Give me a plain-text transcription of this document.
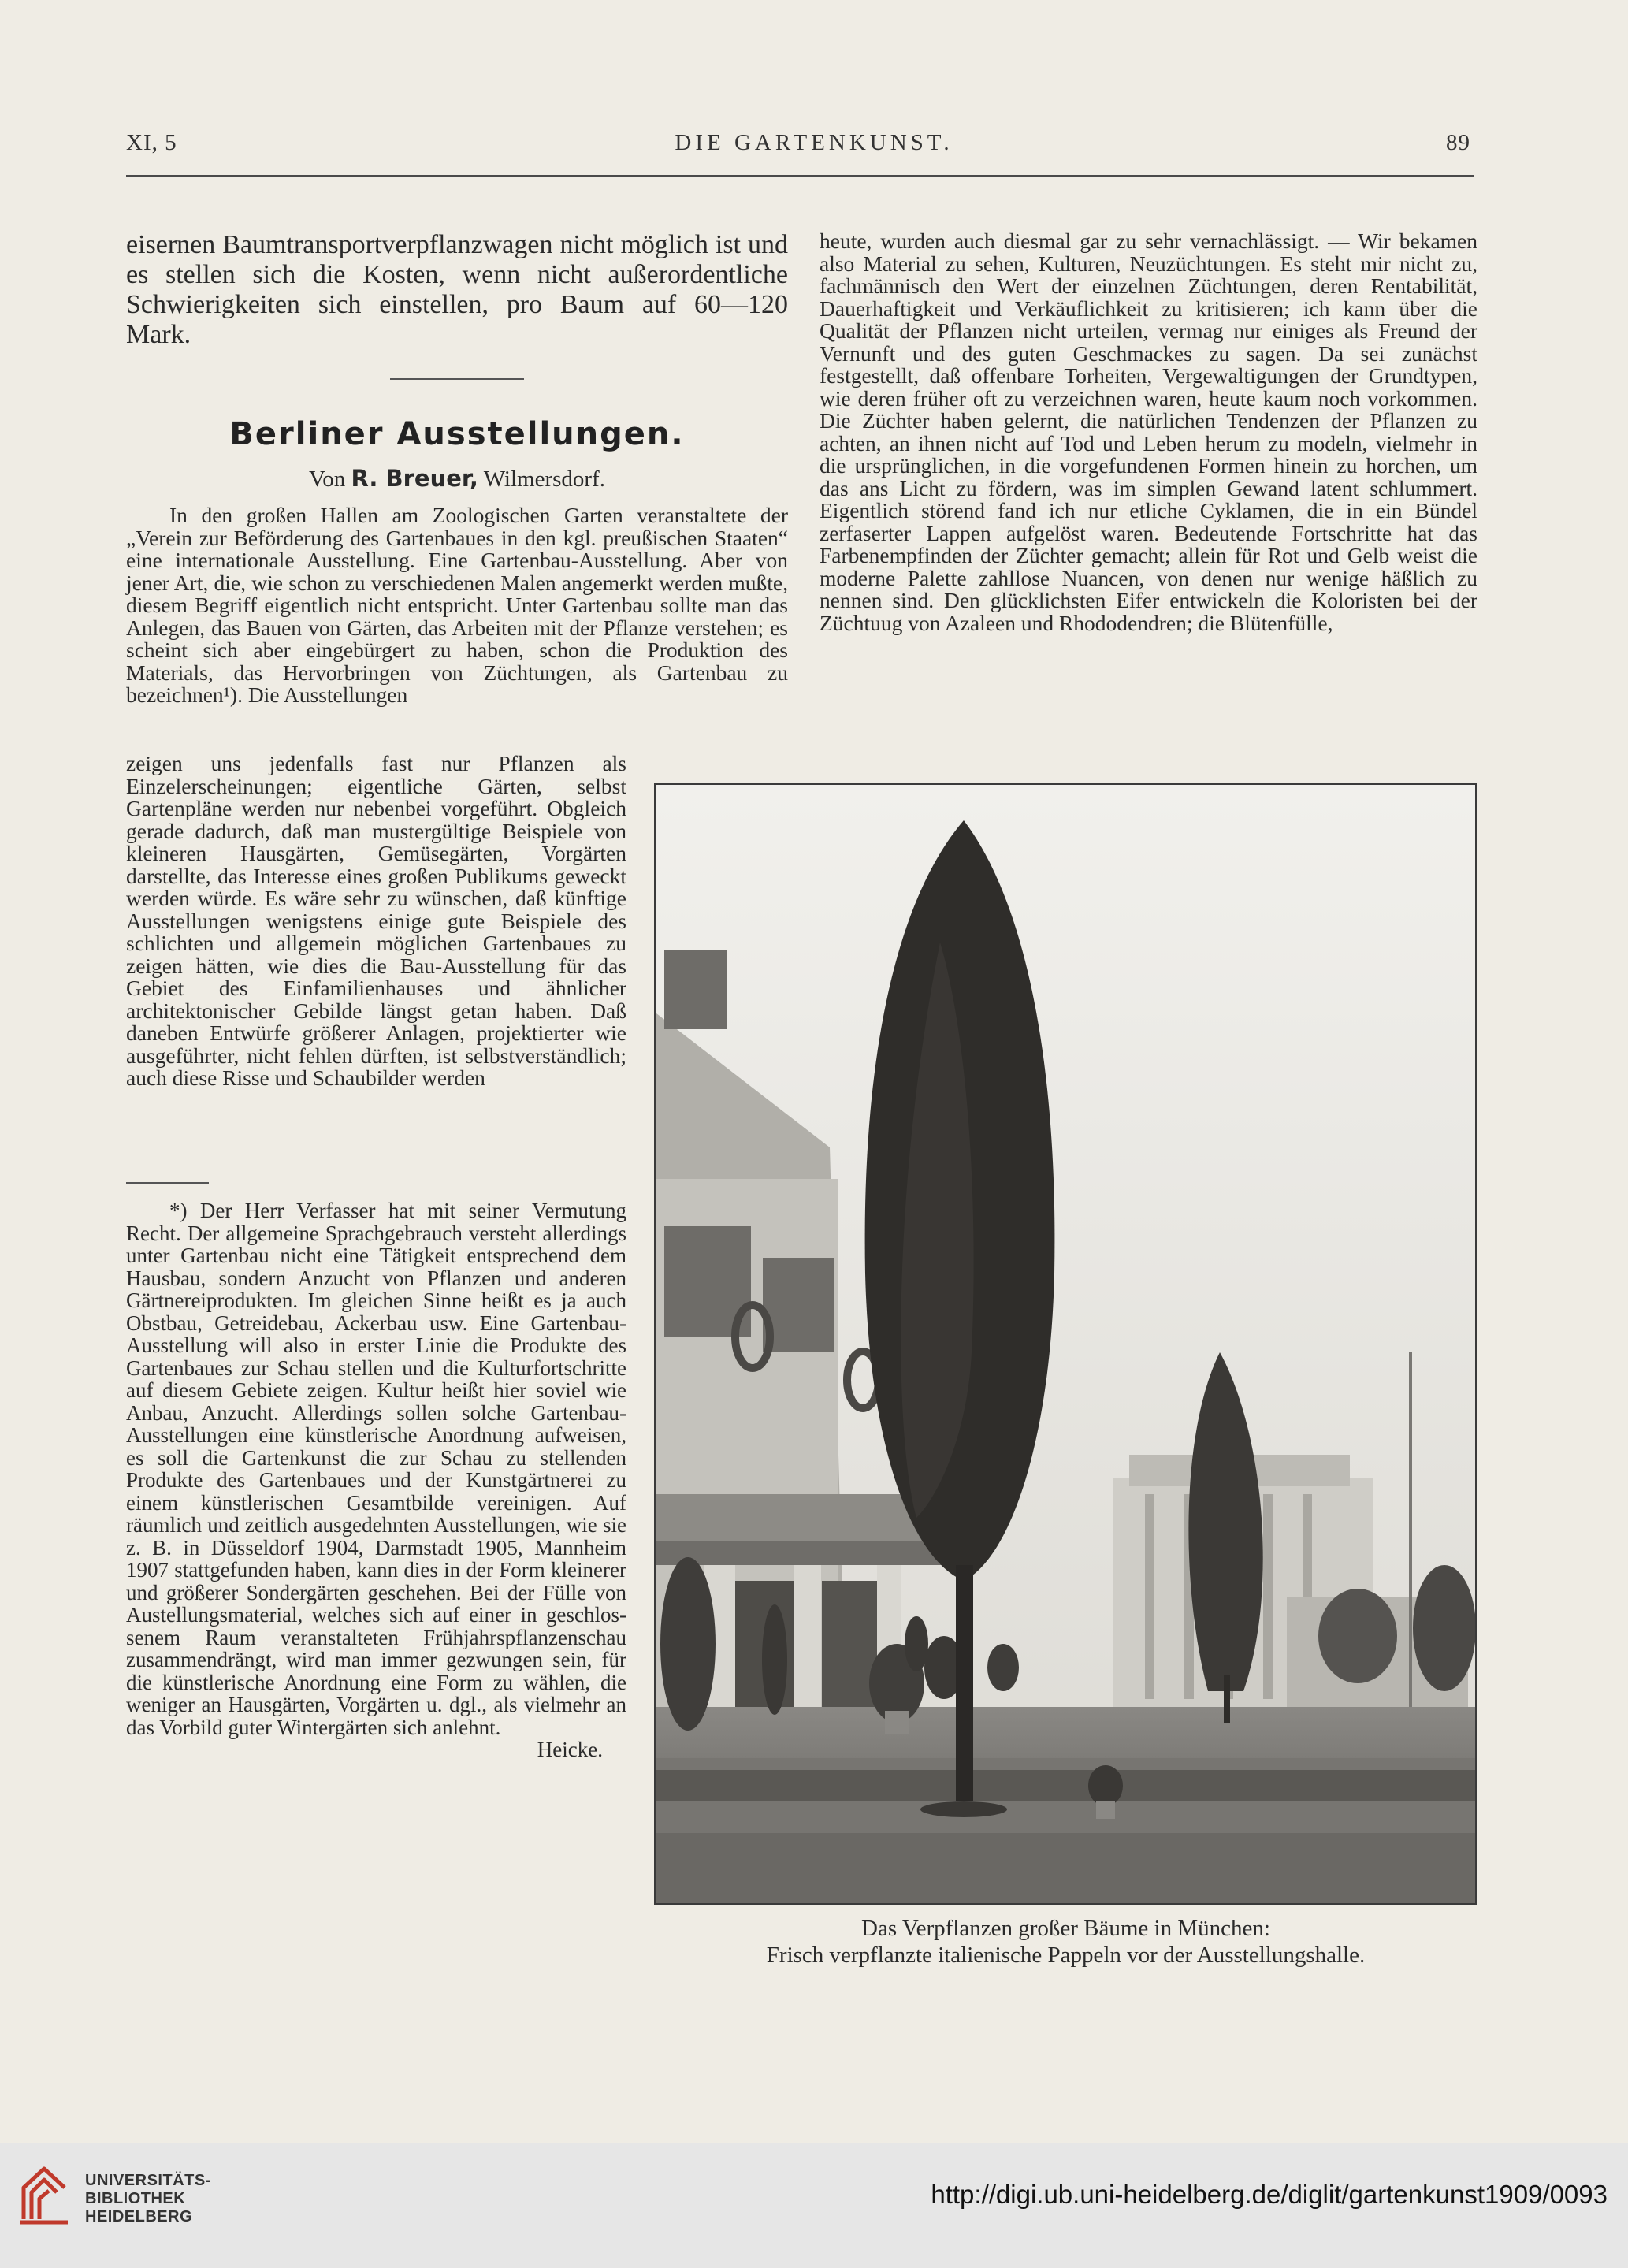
DIE GARTENKUNST.
XI, 5	89

eisernen Baumtransportverpflanzwagen nicht möglich ist und es stellen sich die Kosten, wenn nicht außerordentliche Schwierigkeiten sich einstellen, pro Baum auf 60—120 Mark.

Berliner Ausstellungen.
Von R. Breuer, Wilmersdorf.

In den großen Hallen am Zoologischen Garten veranstaltete der „Verein zur Beförderung des Gartenbaues in den kgl. preußischen Staaten“ eine internationale Ausstellung. Eine Gartenbau-Ausstellung. Aber von jener Art, die, wie schon zu verschiedenen Malen angemerkt werden mußte, diesem Begriff eigentlich nicht entspricht. Unter Gartenbau sollte man das Anlegen, das Bauen von Gärten, das Arbeiten mit der Pflanze verstehen; es scheint sich aber eingebürgert zu haben, schon die Produktion des Materials, das Hervorbringen von Züchtungen, als Gartenbau zu bezeichnen¹). Die Ausstellungen

zeigen uns jedenfalls fast nur Pflanzen als Einzelerscheinungen; eigentliche Gärten, selbst Gartenpläne werden nur nebenbei vorgeführt. Obgleich gerade dadurch, daß man mustergültige Beispiele von kleineren Hausgärten, Gemüsegärten, Vorgärten darstellte, das Interesse eines großen Publikums geweckt werden würde. Es wäre sehr zu wünschen, daß künftige Ausstellungen wenigstens einige gute Beispiele des schlichten und allgemein möglichen Gartenbaues zu zeigen hätten, wie dies die Bau-Ausstellung für das Gebiet des Einfamilienhauses und ähnlicher architektonischer Gebilde längst getan haben. Daß daneben Entwürfe größerer Anlagen, projektierter wie ausgeführter, nicht fehlen dürften, ist selbstverständlich; auch diese Risse und Schaubilder werden

*) Der Herr Verfasser hat mit seiner Vermutung Recht. Der allgemeine Sprachgebrauch versteht allerdings unter Gartenbau nicht eine Tätigkeit entsprechend dem Hausbau, sondern Anzucht von Pflanzen und anderen Gärtnereiprodukten. Im gleichen Sinne heißt es ja auch Obstbau, Getreidebau, Ackerbau usw. Eine Gartenbau-Ausstellung will also in erster Linie die Produkte des Gartenbaues zur Schau stellen und die Kulturfortschritte auf diesem Gebiete zeigen. Kultur heißt hier soviel wie Anbau, Anzucht. Allerdings sollen solche Gartenbau-Ausstellungen eine künstlerische Anordnung aufweisen, es soll die Gartenkunst die zur Schau zu stellenden Produkte des Gartenbaues und der Kunstgärtnerei zu einem künstlerischen Gesamtbilde vereinigen. Auf räumlich und zeitlich ausgedehnten Ausstellungen, wie sie z. B. in Düsseldorf 1904, Darmstadt 1905, Mannheim 1907 stattgefunden haben, kann dies in der Form kleinerer und größerer Sondergärten geschehen. Bei der Fülle von Austellungsmaterial, welches sich auf einer in geschlossenem Raum veranstalteten Frühjahrspflanzenschau zusammendrängt, wird man immer gezwungen sein, für die künstlerische Anordnung eine Form zu wählen, die weniger an Hausgärten, Vorgärten u. dgl., als vielmehr an das Vorbild guter Wintergärten sich anlehnt.

Heicke.

heute, wurden auch diesmal gar zu sehr vernachlässigt. — Wir bekamen also Material zu sehen, Kulturen, Neuzüchtungen. Es steht mir nicht zu, fachmännisch den Wert der einzelnen Züchtungen, deren Rentabilität, Dauerhaftigkeit und Verkäuflichkeit zu kritisieren; ich kann über die Qualität der Pflanzen nicht urteilen, vermag nur einiges als Freund der Vernunft und des guten Geschmackes zu sagen. Da sei zunächst festgestellt, daß offenbare Torheiten, Vergewaltigungen der Grundtypen, wie deren früher oft zu verzeichnen waren, heute kaum noch vorkommen. Die Züchter haben gelernt, die natürlichen Tendenzen der Pflanzen zu achten, an ihnen nicht auf Tod und Leben herum zu modeln, vielmehr in die ursprünglichen, in die vorgefundenen Formen hinein zu horchen, um das ans Licht zu fördern, was im simplen Gewand latent schlummert. Eigentlich störend fand ich nur etliche Cyklamen, die in ein Bündel zerfaserter Lappen aufgelöst waren. Bedeutende Fortschritte hat das Farbenempfinden der Züchter gemacht; allein für Rot und Gelb weist die moderne Palette zahllose Nuancen, von denen nur wenige häßlich zu nennen sind. Den glücklichsten Eifer entwickeln die Koloristen bei der Züchtuug von Azaleen und Rhododendren; die Blütenfülle,

Das Verpflanzen großer Bäume in München:
Frisch verpflanzte italienische Pappeln vor der Ausstellungshalle.
UNIVERSITÄTS-
BIBLIOTHEK
HEIDELBERG
http://digi.ub.uni-heidelberg.de/diglit/gartenkunst1909/0093
